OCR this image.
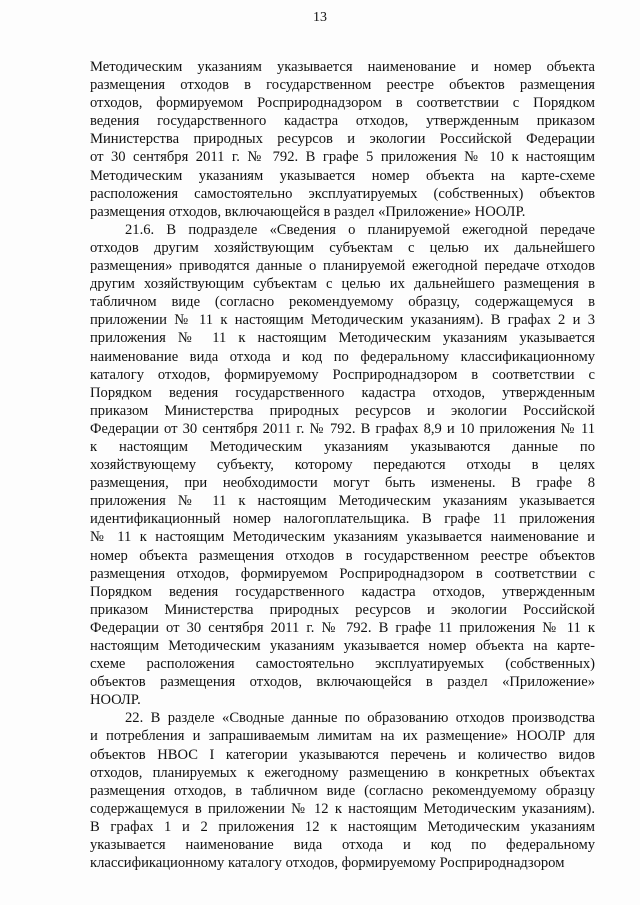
13
Методическим указаниям указывается наименование и номер объекта
размещения отходов в государственном реестре объектов размещения
отходов, формируемом Росприроднадзором в соответствии с Порядком
ведения государственного кадастра отходов, утвержденным приказом
Министерства природных ресурсов и экологии Российской Федерации
от 30 сентября 2011 г. № 792. В графе 5 приложения № 10 к настоящим
Методическим указаниям указывается номер объекта на карте-схеме
расположения самостоятельно эксплуатируемых (собственных) объектов
размещения отходов, включающейся в раздел «Приложение» НООЛР.
21.6. В подразделе «Сведения о планируемой ежегодной передаче
отходов другим хозяйствующим субъектам с целью их дальнейшего
размещения» приводятся данные о планируемой ежегодной передаче отходов
другим хозяйствующим субъектам с целью их дальнейшего размещения в
табличном виде (согласно рекомендуемому образцу, содержащемуся в
приложении № 11 к настоящим Методическим указаниям). В графах 2 и 3
приложения № 11 к настоящим Методическим указаниям указывается
наименование вида отхода и код по федеральному классификационному
каталогу отходов, формируемому Росприроднадзором в соответствии с
Порядком ведения государственного кадастра отходов, утвержденным
приказом Министерства природных ресурсов и экологии Российской
Федерации от 30 сентября 2011 г. № 792. В графах 8,9 и 10 приложения № 11
к настоящим Методическим указаниям указываются данные по
хозяйствующему субъекту, которому передаются отходы в целях
размещения, при необходимости могут быть изменены. В графе 8
приложения № 11 к настоящим Методическим указаниям указывается
идентификационный номер налогоплательщика. В графе 11 приложения
№ 11 к настоящим Методическим указаниям указывается наименование и
номер объекта размещения отходов в государственном реестре объектов
размещения отходов, формируемом Росприроднадзором в соответствии с
Порядком ведения государственного кадастра отходов, утвержденным
приказом Министерства природных ресурсов и экологии Российской
Федерации от 30 сентября 2011 г. № 792. В графе 11 приложения № 11 к
настоящим Методическим указаниям указывается номер объекта на карте-
схеме расположения самостоятельно эксплуатируемых (собственных)
объектов размещения отходов, включающейся в раздел «Приложение»
НООЛР.
22. В разделе «Сводные данные по образованию отходов производства
и потребления и запрашиваемым лимитам на их размещение» НООЛР для
объектов НВОС I категории указываются перечень и количество видов
отходов, планируемых к ежегодному размещению в конкретных объектах
размещения отходов, в табличном виде (согласно рекомендуемому образцу
содержащемуся в приложении № 12 к настоящим Методическим указаниям).
В графах 1 и 2 приложения 12 к настоящим Методическим указаниям
указывается наименование вида отхода и код по федеральному
классификационному каталогу отходов, формируемому Росприроднадзором
